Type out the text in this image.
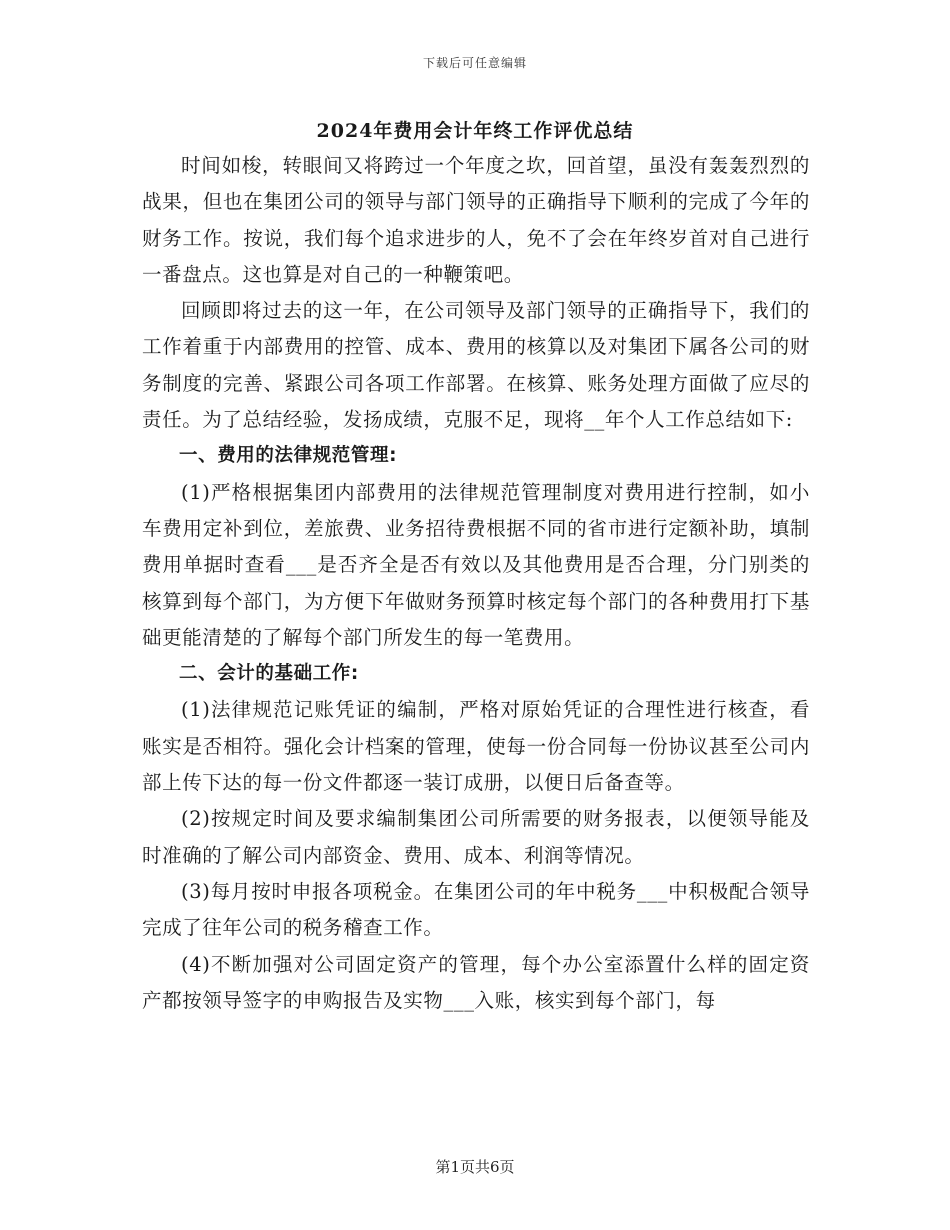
下载后可任意编辑
2024年费用会计年终工作评优总结

时间如梭，转眼间又将跨过一个年度之坎，回首望，虽没有轰轰烈烈的战果，但也在集团公司的领导与部门领导的正确指导下顺利的完成了今年的财务工作。按说，我们每个追求进步的人，免不了会在年终岁首对自己进行一番盘点。这也算是对自己的一种鞭策吧。

回顾即将过去的这一年，在公司领导及部门领导的正确指导下，我们的工作着重于内部费用的控管、成本、费用的核算以及对集团下属各公司的财务制度的完善、紧跟公司各项工作部署。在核算、账务处理方面做了应尽的责任。为了总结经验，发扬成绩，克服不足，现将__年个人工作总结如下:

一、费用的法律规范管理:

(1)严格根据集团内部费用的法律规范管理制度对费用进行控制，如小车费用定补到位，差旅费、业务招待费根据不同的省市进行定额补助，填制费用单据时查看___是否齐全是否有效以及其他费用是否合理，分门别类的核算到每个部门，为方便下年做财务预算时核定每个部门的各种费用打下基础更能清楚的了解每个部门所发生的每一笔费用。

二、会计的基础工作:

(1)法律规范记账凭证的编制，严格对原始凭证的合理性进行核查，看账实是否相符。强化会计档案的管理，使每一份合同每一份协议甚至公司内部上传下达的每一份文件都逐一装订成册，以便日后备查等。

(2)按规定时间及要求编制集团公司所需要的财务报表，以便领导能及时准确的了解公司内部资金、费用、成本、利润等情况。

(3)每月按时申报各项税金。在集团公司的年中税务___中积极配合领导完成了往年公司的税务稽查工作。

(4)不断加强对公司固定资产的管理，每个办公室添置什么样的固定资产都按领导签字的申购报告及实物___入账，核实到每个部门，每

第1页共6页
